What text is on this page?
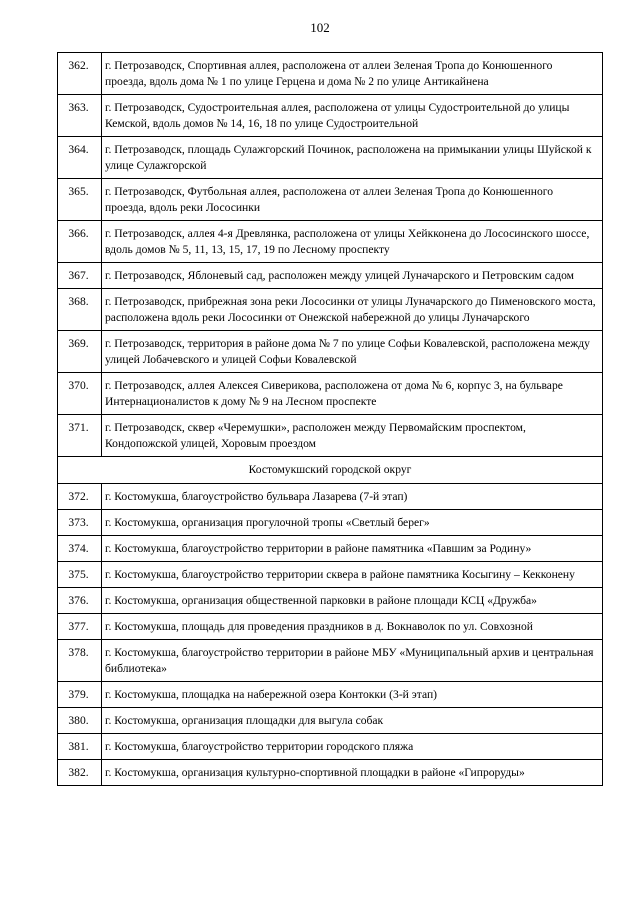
102
362.	г. Петрозаводск, Спортивная аллея, расположена от аллеи Зеленая Тропа до Конюшенного проезда, вдоль дома № 1 по улице Герцена и дома № 2 по улице Антикайнена
363.	г. Петрозаводск, Судостроительная аллея, расположена от улицы Судостроительной до улицы Кемской, вдоль домов № 14, 16, 18 по улице Судостроительной
364.	г. Петрозаводск, площадь Сулажгорский Починок, расположена на примыкании улицы Шуйской к улице Сулажгорской
365.	г. Петрозаводск, Футбольная аллея, расположена от аллеи Зеленая Тропа до Конюшенного проезда, вдоль реки Лососинки
366.	г. Петрозаводск, аллея 4-я Древлянка, расположена от улицы Хейкконена до Лососинского шоссе, вдоль домов № 5, 11, 13, 15, 17, 19 по Лесному проспекту
367.	г. Петрозаводск, Яблоневый сад, расположен между улицей Луначарского и Петровским садом
368.	г. Петрозаводск, прибрежная зона реки Лососинки от улицы Луначарского до Пименовского моста, расположена вдоль реки Лососинки от Онежской набережной до улицы Луначарского
369.	г. Петрозаводск, территория в районе дома № 7 по улице Софьи Ковалевской, расположена между улицей Лобачевского и улицей Софьи Ковалевской
370.	г. Петрозаводск, аллея Алексея Сиверикова, расположена от дома № 6, корпус 3, на бульваре Интернационалистов к дому № 9 на Лесном проспекте
371.	г. Петрозаводск, сквер «Черемушки», расположен между Первомайским проспектом, Кондопожской улицей, Хоровым проездом
Костомукшский городской округ	
372.	г. Костомукша, благоустройство бульвара Лазарева (7-й этап)
373.	г. Костомукша, организация прогулочной тропы «Светлый берег»
374.	г. Костомукша, благоустройство территории в районе памятника «Павшим за Родину»
375.	г. Костомукша, благоустройство территории сквера в районе памятника Косыгину – Кекконену
376.	г. Костомукша, организация общественной парковки в районе площади КСЦ «Дружба»
377.	г. Костомукша, площадь для проведения праздников в д. Вокнаволок по ул. Совхозной
378.	г. Костомукша, благоустройство территории в районе МБУ «Муниципальный архив и центральная библиотека»
379.	г. Костомукша, площадка на набережной озера Контокки (3-й этап)
380.	г. Костомукша, организация площадки для выгула собак
381.	г. Костомукша, благоустройство территории городского пляжа
382.	г. Костомукша, организация культурно-спортивной площадки в районе «Гипроруды»
